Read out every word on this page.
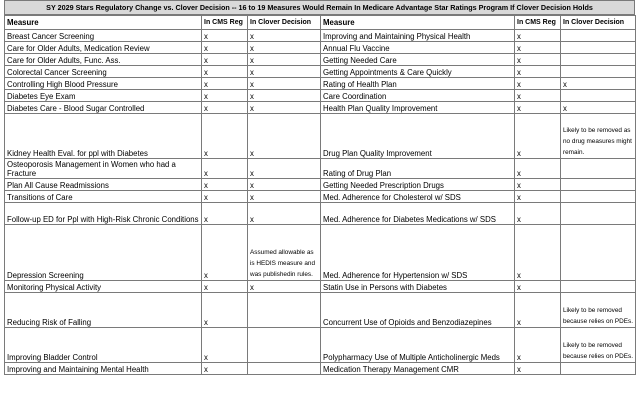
SY 2029 Stars Regulatory Change vs. Clover Decision -- 16 to 19 Measures Would Remain In Medicare Advantage Star Ratings Program If Clover Decision Holds
Measure	In CMS Reg	In Clover Decision	Measure	In CMS Reg	In Clover Decision
Breast Cancer Screening	x	x	Improving and Maintaining Physical Health	x	
Care for Older Adults, Medication Review	x	x	Annual Flu Vaccine	x	
Care for Older Adults, Func. Ass.	x	x	Getting Needed Care	x	
Colorectal Cancer Screening	x	x	Getting Appointments & Care Quickly	x	
Controlling High Blood Pressure	x	x	Rating of Health Plan	x	x
Diabetes Eye Exam	x	x	Care Coordination	x	
Diabetes Care - Blood Sugar Controlled	x	x	Health Plan Quality Improvement	x	x
Kidney Health Eval. for ppl with Diabetes	x	x	Drug Plan Quality Improvement	x	Likely to be removed as no drug measures might remain.
Osteoporosis Management in Women who had a Fracture	x	x	Rating of Drug Plan	x	
Plan All Cause Readmissions	x	x	Getting Needed Prescription Drugs	x	
Transitions of Care	x	x	Med. Adherence for Cholesterol w/ SDS	x	
Follow-up ED for Ppl with High-Risk Chronic Conditions	x	x	Med. Adherence for Diabetes Medications w/ SDS	x	
Depression Screening	x	Assumed allowable as is HEDIS measure and was publishedin rules.	Med. Adherence for Hypertension w/ SDS	x	
Monitoring Physical Activity	x	x	Statin Use in Persons with Diabetes	x	
Reducing Risk of Falling	x		Concurrent Use of Opioids and Benzodiazepines	x	Likely to be removed because relies on PDEs.
Improving Bladder Control	x		Polypharmacy Use of Multiple Anticholinergic Meds	x	Likely to be removed because relies on PDEs.
Improving and Maintaining Mental Health	x		Medication Therapy Management CMR	x	
